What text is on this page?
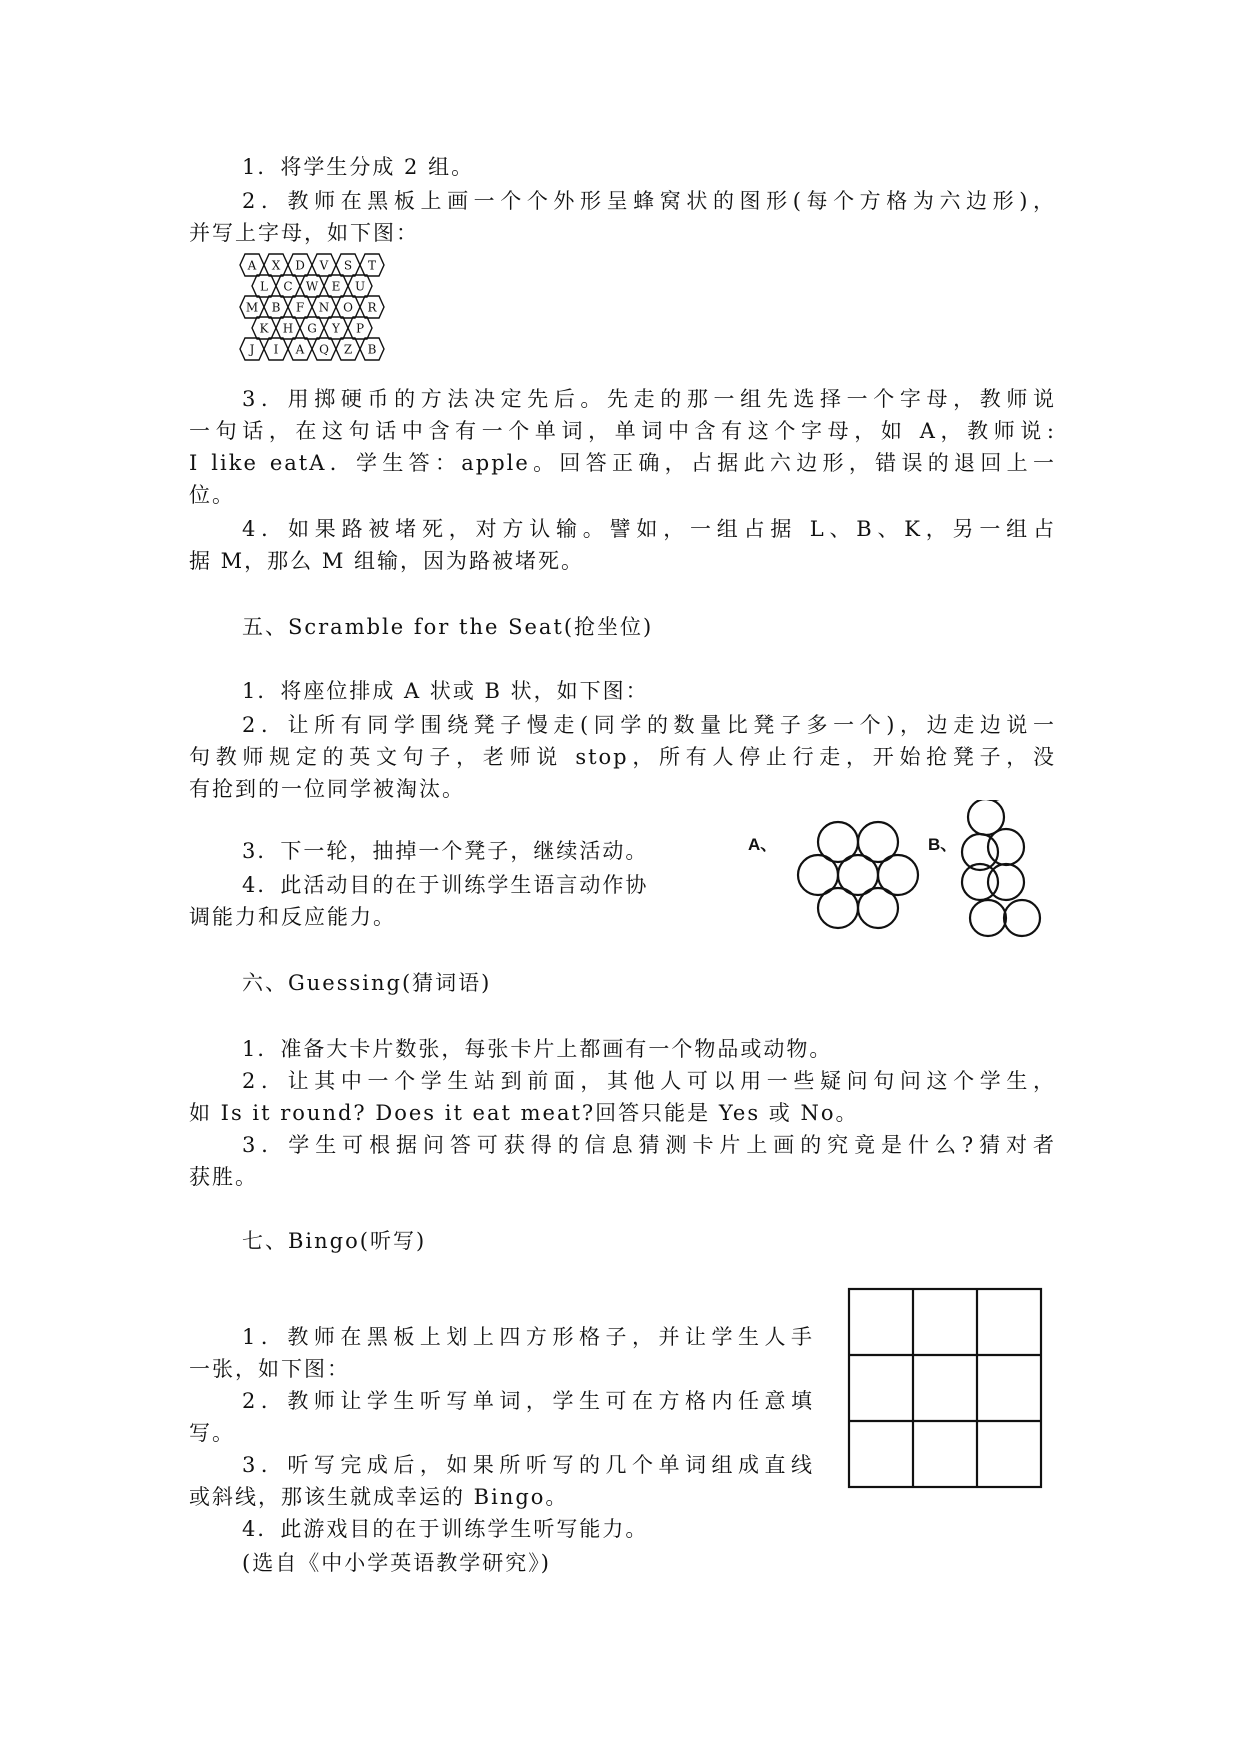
1．将学生分成 2 组。

2．教师在黑板上画一个个外形呈蜂窝状的图形(每个方格为六边形)，

并写上字母，如下图：

A X D V S T
L C W E U
M B F N O R
K H G Y P
J I A Q Z B

3．用掷硬币的方法决定先后。先走的那一组先选择一个字母，教师说

一句话，在这句话中含有一个单词，单词中含有这个字母，如 A，教师说:

I like eatA．学生答：apple。回答正确，占据此六边形，错误的退回上一

位。

4．如果路被堵死，对方认输。譬如，一组占据 L、B、K，另一组占

据 M，那么 M 组输，因为路被堵死。

五、Scramble for the Seat(抢坐位)

1．将座位排成 A 状或 B 状，如下图：

2．让所有同学围绕凳子慢走(同学的数量比凳子多一个)，边走边说一

句教师规定的英文句子，老师说 stop，所有人停止行走，开始抢凳子，没

有抢到的一位同学被淘汰。

3．下一轮，抽掉一个凳子，继续活动。

4．此活动目的在于训练学生语言动作协

调能力和反应能力。

A、	B、

六、Guessing(猜词语)

1．准备大卡片数张，每张卡片上都画有一个物品或动物。

2．让其中一个学生站到前面，其他人可以用一些疑问句问这个学生，

如 Is it round? Does it eat meat?回答只能是 Yes 或 No。

3．学生可根据问答可获得的信息猜测卡片上画的究竟是什么?猜对者

获胜。

七、Bingo(听写)

1．教师在黑板上划上四方形格子，并让学生人手

一张，如下图：

2．教师让学生听写单词，学生可在方格内任意填

写。

3．听写完成后，如果所听写的几个单词组成直线

或斜线，那该生就成幸运的 Bingo。

4．此游戏目的在于训练学生听写能力。

(选自《中小学英语教学研究》)
